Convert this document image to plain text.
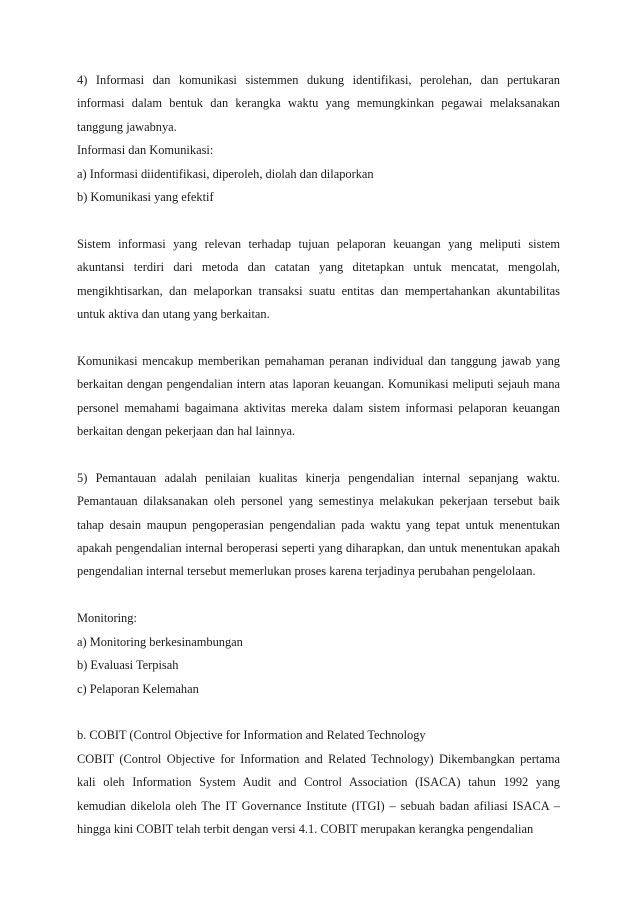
4) Informasi dan komunikasi sistemmen dukung identifikasi, perolehan, dan pertukaran informasi dalam bentuk dan kerangka waktu yang memungkinkan pegawai melaksanakan tanggung jawabnya.

Informasi dan Komunikasi:

a) Informasi diidentifikasi, diperoleh, diolah dan dilaporkan

b) Komunikasi yang efektif

Sistem informasi yang relevan terhadap tujuan pelaporan keuangan yang meliputi sistem akuntansi terdiri dari metoda dan catatan yang ditetapkan untuk mencatat, mengolah, mengikhtisarkan, dan melaporkan transaksi suatu entitas dan mempertahankan akuntabilitas untuk aktiva dan utang yang berkaitan.

Komunikasi mencakup memberikan pemahaman peranan individual dan tanggung jawab yang berkaitan dengan pengendalian intern atas laporan keuangan. Komunikasi meliputi sejauh mana personel memahami bagaimana aktivitas mereka dalam sistem informasi pelaporan keuangan berkaitan dengan pekerjaan dan hal lainnya.

5) Pemantauan adalah penilaian kualitas kinerja pengendalian internal sepanjang waktu. Pemantauan dilaksanakan oleh personel yang semestinya melakukan pekerjaan tersebut baik tahap desain maupun pengoperasian pengendalian pada waktu yang tepat untuk menentukan apakah pengendalian internal beroperasi seperti yang diharapkan, dan untuk menentukan apakah pengendalian internal tersebut memerlukan proses karena terjadinya perubahan pengelolaan.

Monitoring:

a) Monitoring berkesinambungan

b) Evaluasi Terpisah

c) Pelaporan Kelemahan

b. COBIT (Control Objective for Information and Related Technology

COBIT (Control Objective for Information and Related Technology) Dikembangkan pertama kali oleh Information System Audit and Control Association (ISACA) tahun 1992 yang kemudian dikelola oleh The IT Governance Institute (ITGI) – sebuah badan afiliasi ISACA – hingga kini COBIT telah terbit dengan versi 4.1. COBIT merupakan kerangka pengendalian
